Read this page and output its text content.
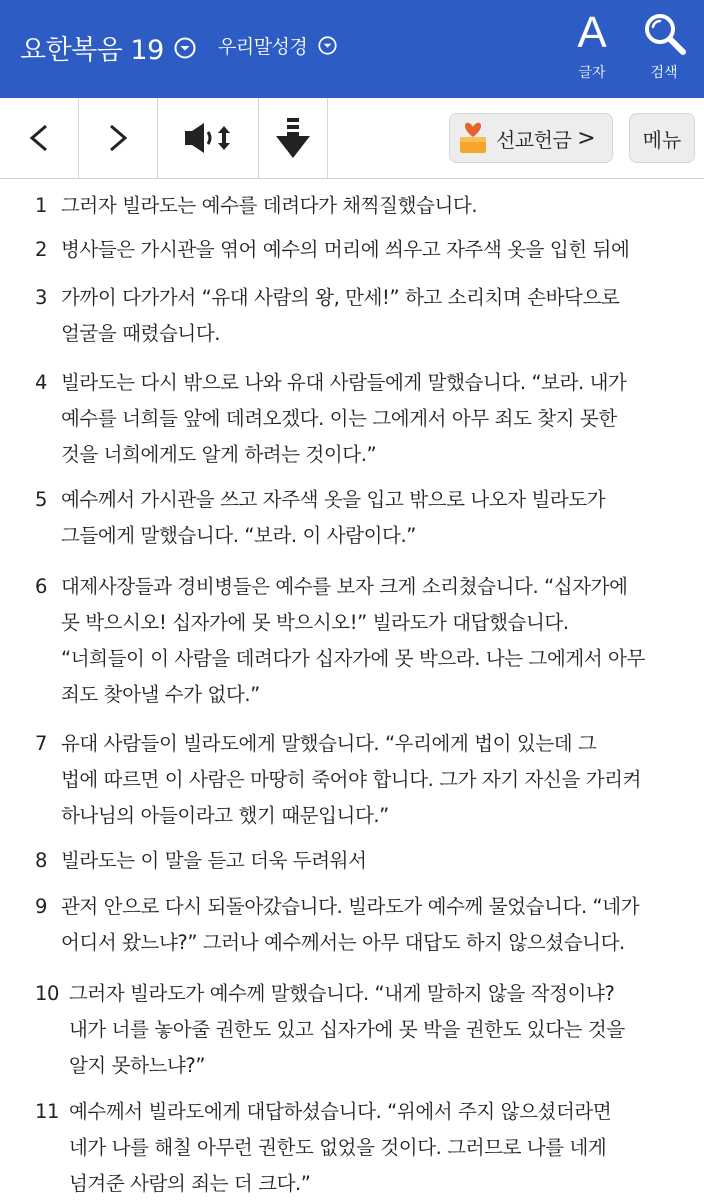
요한복음 19	우리말성경	A
글자	검색
선교헌금 >	메뉴
1 그러자 빌라도는 예수를 데려다가 채찍질했습니다.
2 병사들은 가시관을 엮어 예수의 머리에 씌우고 자주색 옷을 입힌 뒤에
3 가까이 다가가서 “유대 사람의 왕, 만세!” 하고 소리치며 손바닥으로
얼굴을 때렸습니다.
4 빌라도는 다시 밖으로 나와 유대 사람들에게 말했습니다. “보라. 내가
예수를 너희들 앞에 데려오겠다. 이는 그에게서 아무 죄도 찾지 못한
것을 너희에게도 알게 하려는 것이다.”
5 예수께서 가시관을 쓰고 자주색 옷을 입고 밖으로 나오자 빌라도가
그들에게 말했습니다. “보라. 이 사람이다.”
6 대제사장들과 경비병들은 예수를 보자 크게 소리쳤습니다. “십자가에
못 박으시오! 십자가에 못 박으시오!” 빌라도가 대답했습니다.
“너희들이 이 사람을 데려다가 십자가에 못 박으라. 나는 그에게서 아무
죄도 찾아낼 수가 없다.”
7 유대 사람들이 빌라도에게 말했습니다. “우리에게 법이 있는데 그
법에 따르면 이 사람은 마땅히 죽어야 합니다. 그가 자기 자신을 가리켜
하나님의 아들이라고 했기 때문입니다.”
8 빌라도는 이 말을 듣고 더욱 두려워서
9 관저 안으로 다시 되돌아갔습니다. 빌라도가 예수께 물었습니다. “네가
어디서 왔느냐?” 그러나 예수께서는 아무 대답도 하지 않으셨습니다.
10 그러자 빌라도가 예수께 말했습니다. “내게 말하지 않을 작정이냐?
내가 너를 놓아줄 권한도 있고 십자가에 못 박을 권한도 있다는 것을
알지 못하느냐?”
11 예수께서 빌라도에게 대답하셨습니다. “위에서 주지 않으셨더라면
네가 나를 해칠 아무런 권한도 없었을 것이다. 그러므로 나를 네게
넘겨준 사람의 죄는 더 크다.”
